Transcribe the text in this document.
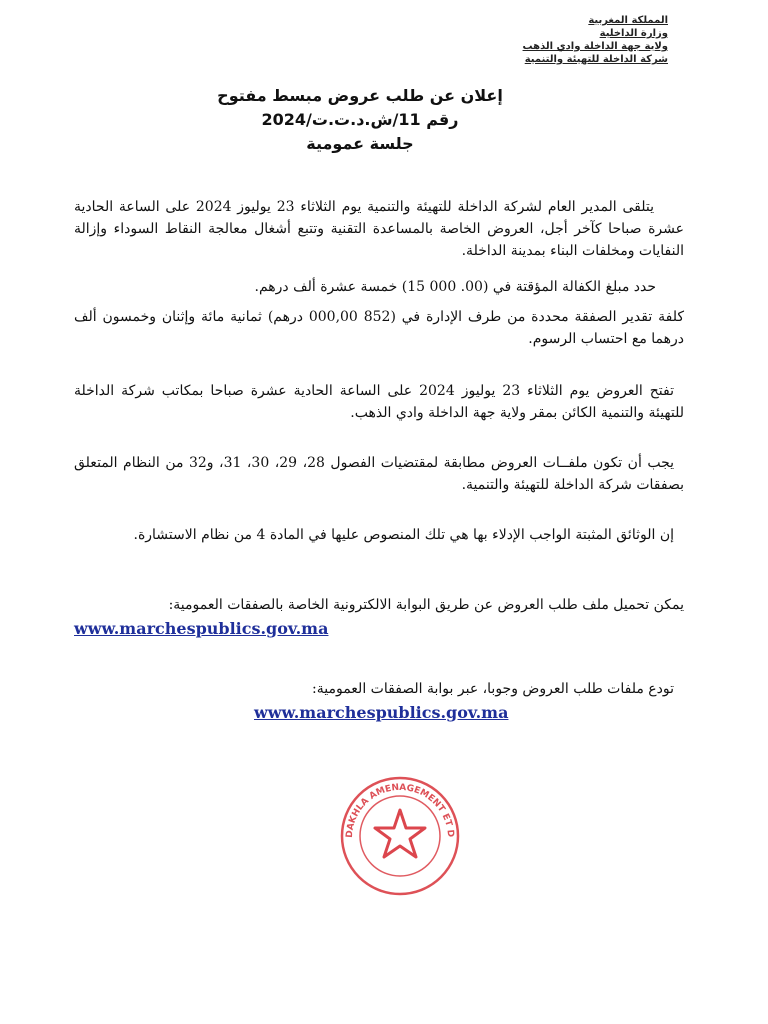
المملكة المغربية
وزارة الداخلية
ولاية جهة الداخلة وادي الذهب
شركة الداخلة للتهيئة والتنمية
إعلان عن طلب عروض مبسط مفتوح
رقم 11/ش.د.ت.ت/2024
جلسة عمومية
يتلقى المدير العام لشركة الداخلة للتهيئة والتنمية يوم الثلاثاء 23 يوليوز 2024 على الساعة الحادية عشرة صباحا كآخر أجل، العروض الخاصة بالمساعدة التقنية وتتبع أشغال معالجة النقاط السوداء وإزالة النفايات ومخلفات البناء بمدينة الداخلة.
حدد مبلغ الكفالة المؤقتة في (00. 000 15) خمسة عشرة ألف درهم.
كلفة تقدير الصفقة محددة من طرف الإدارة في (852 000,00 درهم) ثمانية مائة وإثنان وخمسون ألف درهما مع احتساب الرسوم.
تفتح العروض يوم الثلاثاء 23 يوليوز 2024 على الساعة الحادية عشرة صباحا بمكاتب شركة الداخلة للتهيئة والتنمية الكائن بمقر ولاية جهة الداخلة وادي الذهب.
يجب أن تكون ملفــات العروض مطابقة لمقتضيات الفصول 28، 29، 30، 31، و32 من النظام المتعلق بصفقات شركة الداخلة للتهيئة والتنمية.
إن الوثائق المثبتة الواجب الإدلاء بها هي تلك المنصوص عليها في المادة 4 من نظام الاستشارة.
يمكن تحميل ملف طلب العروض عن طريق البوابة الالكترونية الخاصة بالصفقات العمومية:
www.marchespublics.gov.ma
تودع ملفات طلب العروض وجوبا، عبر بوابة الصفقات العمومية:
www.marchespublics.gov.ma
DAKHLA AMENAGEMENT ET D
